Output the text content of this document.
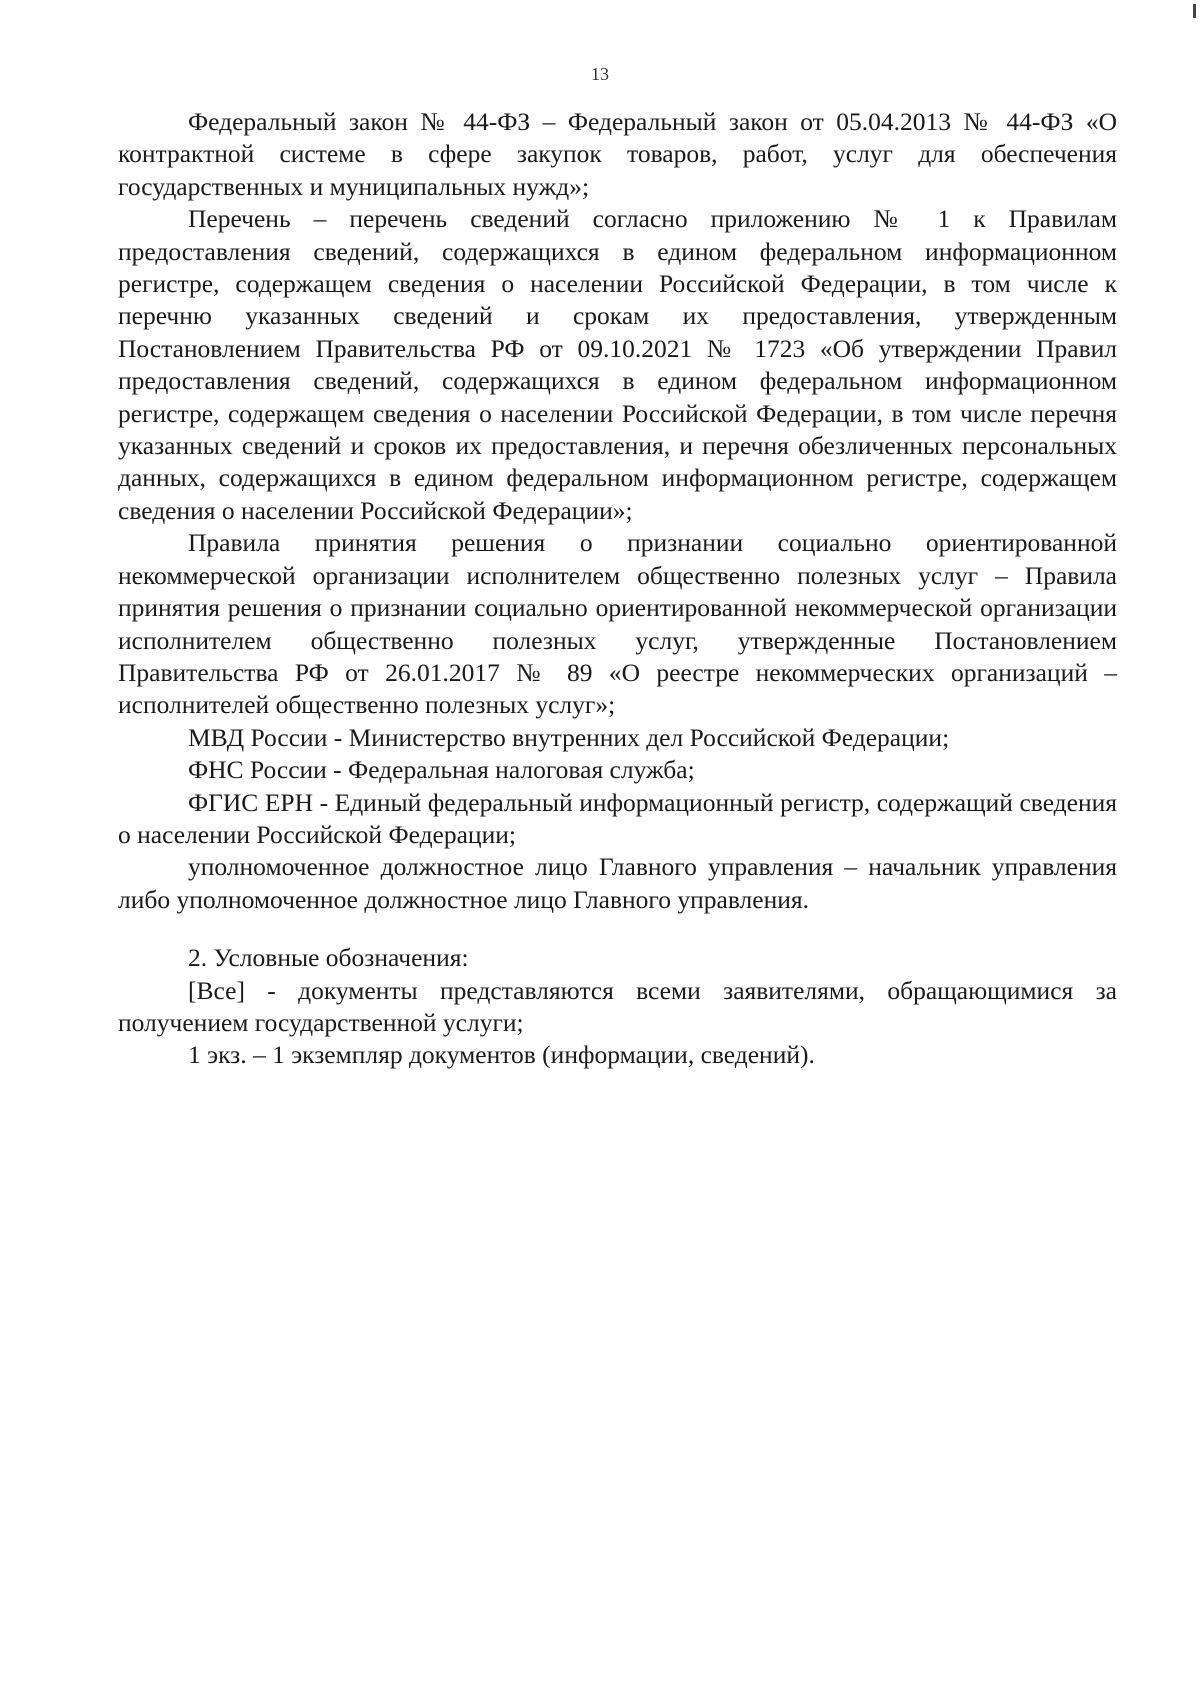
13

Федеральный закон № 44-ФЗ – Федеральный закон от 05.04.2013 № 44-ФЗ «О контрактной системе в сфере закупок товаров, работ, услуг для обеспечения государственных и муниципальных нужд»;

Перечень – перечень сведений согласно приложению № 1 к Правилам предоставления сведений, содержащихся в едином федеральном информационном регистре, содержащем сведения о населении Российской Федерации, в том числе к перечню указанных сведений и срокам их предоставления, утвержденным Постановлением Правительства РФ от 09.10.2021 № 1723 «Об утверждении Правил предоставления сведений, содержащихся в едином федеральном информационном регистре, содержащем сведения о населении Российской Федерации, в том числе перечня указанных сведений и сроков их предоставления, и перечня обезличенных персональных данных, содержащихся в едином федеральном информационном регистре, содержащем сведения о населении Российской Федерации»;

Правила принятия решения о признании социально ориентированной некоммерческой организации исполнителем общественно полезных услуг – Правила принятия решения о признании социально ориентированной некоммерческой организации исполнителем общественно полезных услуг, утвержденные Постановлением Правительства РФ от 26.01.2017 № 89 «О реестре некоммерческих организаций – исполнителей общественно полезных услуг»;

МВД России - Министерство внутренних дел Российской Федерации;

ФНС России - Федеральная налоговая служба;

ФГИС ЕРН - Единый федеральный информационный регистр, содержащий сведения о населении Российской Федерации;

уполномоченное должностное лицо Главного управления – начальник управления либо уполномоченное должностное лицо Главного управления.

2. Условные обозначения:

[Все] - документы представляются всеми заявителями, обращающимися за получением государственной услуги;

1 экз. – 1 экземпляр документов (информации, сведений).
